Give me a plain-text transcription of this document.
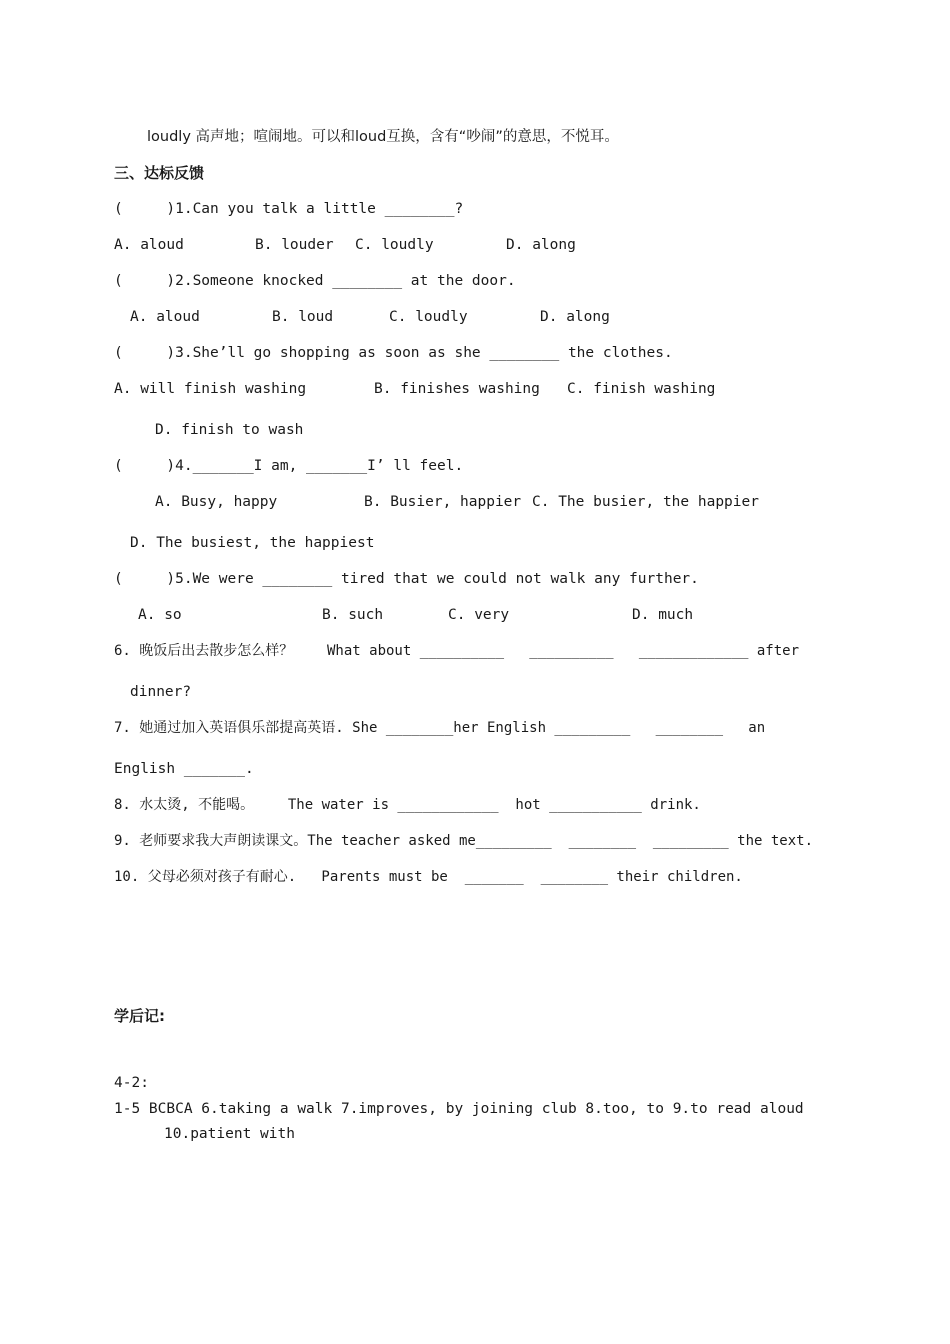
loudly 高声地；喧闹地。可以和loud互换，含有“吵闹”的意思，不悦耳。
三、达标反馈
(     )1.Can you talk a little ________?
A. aloud	B. louder C. loudly	D. along
(     )2.Someone knocked ________ at the door.
A. aloud	B. loud	C. loudly	D. along
(     )3.She’ll go shopping as soon as she ________ the clothes.
A. will finish washing	B. finishes washing C. finish washing
D. finish to wash
(     )4._______I am, _______I’ ll feel.
A. Busy, happy	B. Busier, happier C. The busier, the happier
D. The busiest, the happiest
(     )5.We were ________ tired that we could not walk any further.
A. so	B. such	C. very	D. much
6. 晚饭后出去散步怎么样？    What about __________   __________   _____________ after
dinner?
7. 她通过加入英语俱乐部提高英语. She ________her English _________   ________   an
English _______.
8. 水太烫, 不能喝。    The water is ____________  hot ___________ drink.
9. 老师要求我大声朗读课文。The teacher asked me_________  ________  _________ the text.
10. 父母必须对孩子有耐心.   Parents must be  _______  ________ their children.
学后记:
4-2:
1-5 BCBCA 6.taking a walk 7.improves, by joining club 8.too, to 9.to read aloud
10.patient with
